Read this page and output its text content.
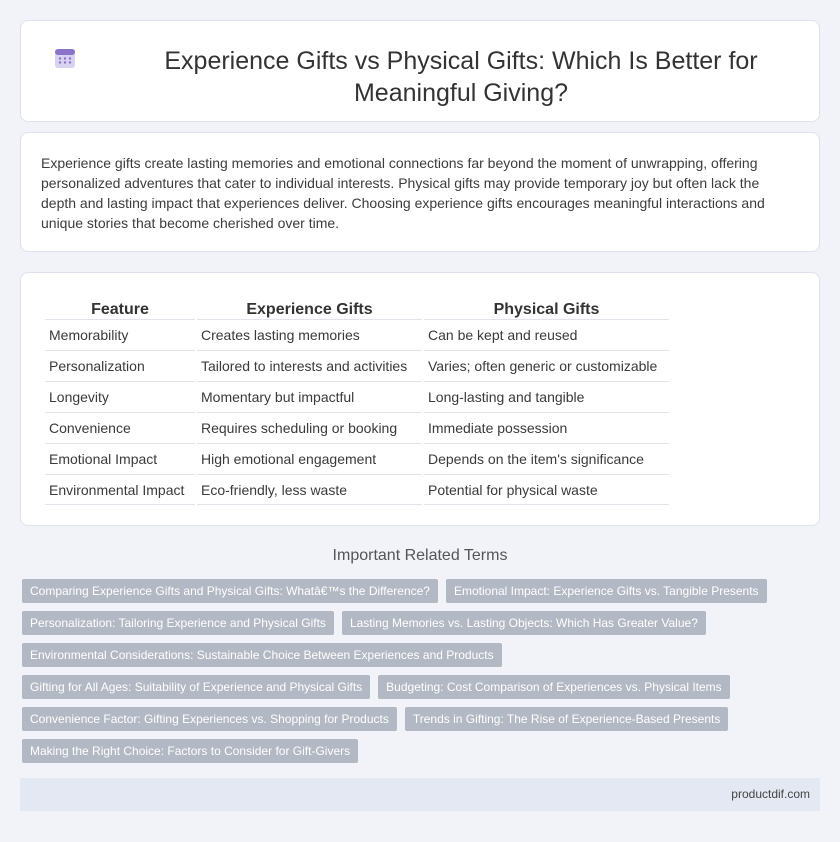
Experience Gifts vs Physical Gifts: Which Is Better for Meaningful Giving?

Experience gifts create lasting memories and emotional connections far beyond the moment of unwrapping, offering personalized adventures that cater to individual interests. Physical gifts may provide temporary joy but often lack the depth and lasting impact that experiences deliver. Choosing experience gifts encourages meaningful interactions and unique stories that become cherished over time.

Feature	Experience Gifts	Physical Gifts
Memorability	Creates lasting memories	Can be kept and reused
Personalization	Tailored to interests and activities	Varies; often generic or customizable
Longevity	Momentary but impactful	Long-lasting and tangible
Convenience	Requires scheduling or booking	Immediate possession
Emotional Impact	High emotional engagement	Depends on the item's significance
Environmental Impact	Eco-friendly, less waste	Potential for physical waste
Important Related Terms
Comparing Experience Gifts and Physical Gifts: Whatâ€™s the Difference?	Emotional Impact: Experience Gifts vs. Tangible Presents
Personalization: Tailoring Experience and Physical Gifts	Lasting Memories vs. Lasting Objects: Which Has Greater Value?
Environmental Considerations: Sustainable Choice Between Experiences and Products
Gifting for All Ages: Suitability of Experience and Physical Gifts	Budgeting: Cost Comparison of Experiences vs. Physical Items
Convenience Factor: Gifting Experiences vs. Shopping for Products	Trends in Gifting: The Rise of Experience-Based Presents
Making the Right Choice: Factors to Consider for Gift-Givers
productdif.com
